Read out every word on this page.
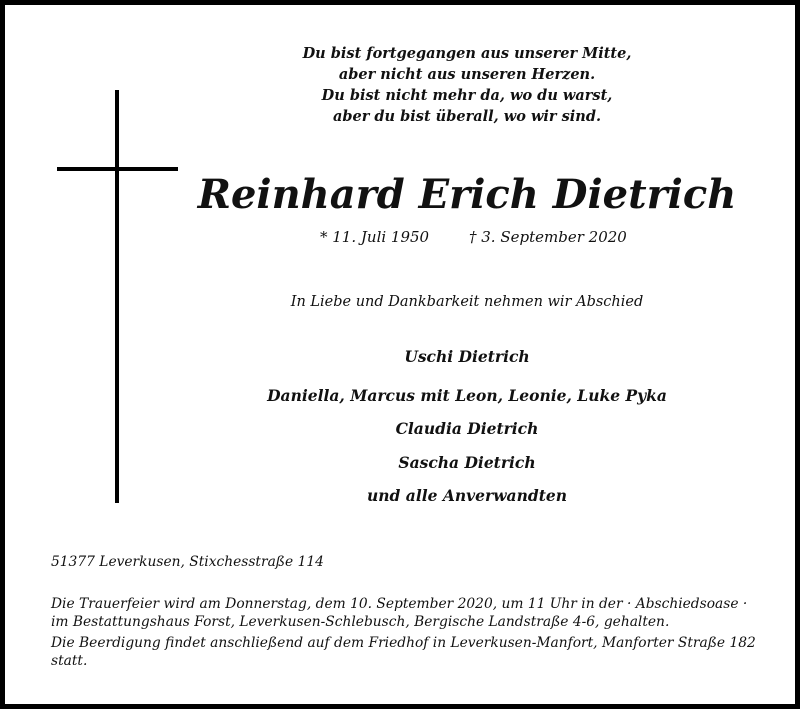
Du bist fortgegangen aus unserer Mitte,
aber nicht aus unseren Herzen.
Du bist nicht mehr da, wo du warst,
aber du bist überall, wo wir sind.
Reinhard Erich Dietrich
* 11. Juli 1950	† 3. September 2020
In Liebe und Dankbarkeit nehmen wir Abschied
Uschi Dietrich
Daniella, Marcus mit Leon, Leonie, Luke Pyka
Claudia Dietrich
Sascha Dietrich
und alle Anverwandten
51377 Leverkusen, Stixchesstraße 114
Die Trauerfeier wird am Donnerstag, dem 10. September 2020, um 11 Uhr in der · Abschiedsoase ·
im Bestattungshaus Forst, Leverkusen-Schlebusch, Bergische Landstraße 4-6, gehalten.
Die Beerdigung findet anschließend auf dem Friedhof in Leverkusen-Manfort, Manforter Straße 182
statt.
